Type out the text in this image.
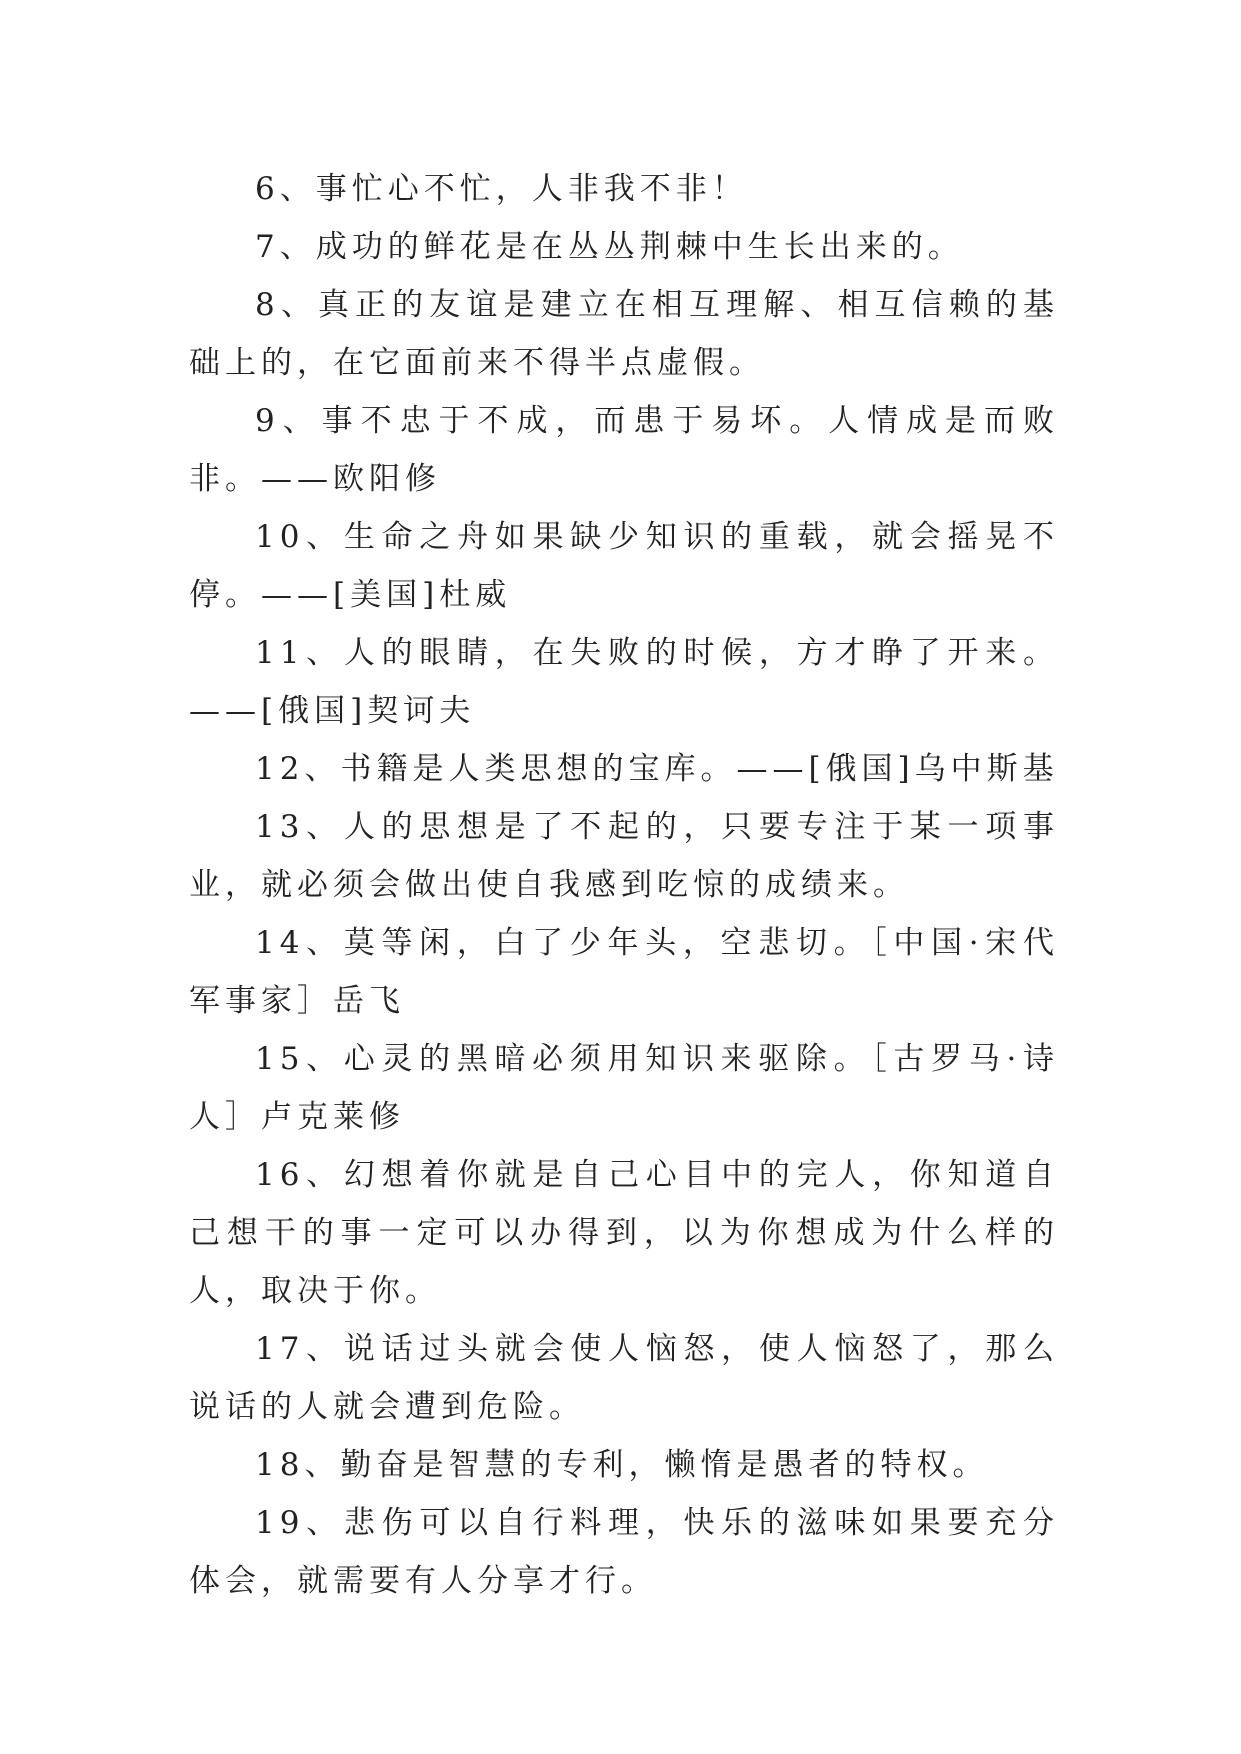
6、事忙心不忙，人非我不非！

7、成功的鲜花是在丛丛荆棘中生长出来的。

8、真正的友谊是建立在相互理解、相互信赖的基础上的，在它面前来不得半点虚假。

9、事不忠于不成，而患于易坏。人情成是而败非。——欧阳修

10、生命之舟如果缺少知识的重载，就会摇晃不停。——[美国]杜威

11、人的眼睛，在失败的时候，方才睁了开来。——[俄国]契诃夫

12、书籍是人类思想的宝库。——[俄国]乌中斯基

13、人的思想是了不起的，只要专注于某一项事业，就必须会做出使自我感到吃惊的成绩来。

14、莫等闲，白了少年头，空悲切。［中国·宋代军事家］岳飞

15、心灵的黑暗必须用知识来驱除。［古罗马·诗人］卢克莱修

16、幻想着你就是自己心目中的完人，你知道自己想干的事一定可以办得到，以为你想成为什么样的人，取决于你。

17、说话过头就会使人恼怒，使人恼怒了，那么说话的人就会遭到危险。

18、勤奋是智慧的专利，懒惰是愚者的特权。

19、悲伤可以自行料理，快乐的滋味如果要充分体会，就需要有人分享才行。
